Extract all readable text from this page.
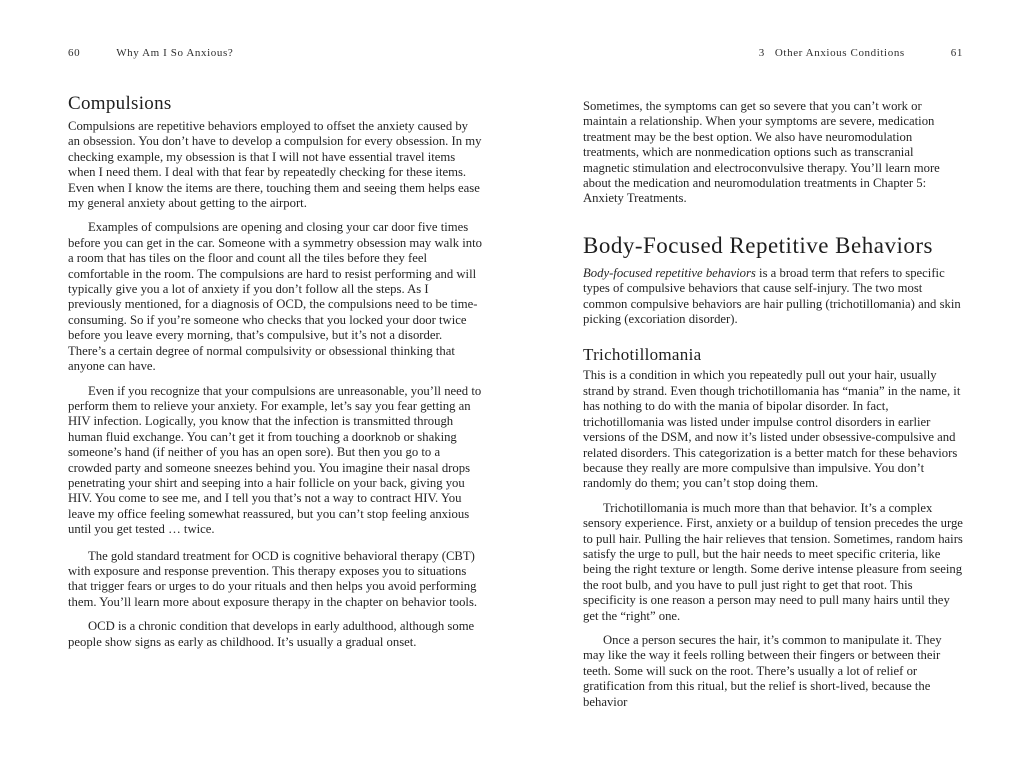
60	Why Am I So Anxious?
Compulsions

Compulsions are repetitive behaviors employed to offset the anxiety caused by an obsession. You don’t have to develop a compulsion for every obsession. In my checking example, my obsession is that I will not have essential travel items when I need them. I deal with that fear by repeatedly checking for these items. Even when I know the items are there, touching them and seeing them helps ease my general anxiety about getting to the airport.

Examples of compulsions are opening and closing your car door five times before you can get in the car. Someone with a symmetry obsession may walk into a room that has tiles on the floor and count all the tiles before they feel comfortable in the room. The compulsions are hard to resist performing and will typically give you a lot of anxiety if you don’t follow all the steps. As I previously mentioned, for a diagnosis of OCD, the compulsions need to be time-consuming. So if you’re someone who checks that you locked your door twice before you leave every morning, that’s compulsive, but it’s not a disorder. There’s a certain degree of normal compulsivity or obsessional thinking that anyone can have.

Even if you recognize that your compulsions are unreasonable, you’ll need to perform them to relieve your anxiety. For example, let’s say you fear getting an HIV infection. Logically, you know that the infection is transmitted through human fluid exchange. You can’t get it from touching a doorknob or shaking someone’s hand (if neither of you has an open sore). But then you go to a crowded party and someone sneezes behind you. You imagine their nasal drops penetrating your shirt and seeping into a hair follicle on your back, giving you HIV. You come to see me, and I tell you that’s not a way to contract HIV. You leave my office feeling somewhat reassured, but you can’t stop feeling anxious until you get tested … twice.

The gold standard treatment for OCD is cognitive behavioral therapy (CBT) with exposure and response prevention. This therapy exposes you to situations that trigger fears or urges to do your rituals and then helps you avoid performing them. You’ll learn more about exposure therapy in the chapter on behavior tools.

OCD is a chronic condition that develops in early adulthood, although some people show signs as early as childhood. It’s usually a gradual onset.

3 Other Anxious Conditions	61

Sometimes, the symptoms can get so severe that you can’t work or maintain a relationship. When your symptoms are severe, medication treatment may be the best option. We also have neuromodulation treatments, which are nonmedication options such as transcranial magnetic stimulation and electroconvulsive therapy. You’ll learn more about the medication and neuromodulation treatments in Chapter 5: Anxiety Treatments.

Body-Focused Repetitive Behaviors

Body-focused repetitive behaviors is a broad term that refers to specific types of compulsive behaviors that cause self-injury. The two most common compulsive behaviors are hair pulling (trichotillomania) and skin picking (excoriation disorder).

Trichotillomania

This is a condition in which you repeatedly pull out your hair, usually strand by strand. Even though trichotillomania has “mania” in the name, it has nothing to do with the mania of bipolar disorder. In fact, trichotillomania was listed under impulse control disorders in earlier versions of the DSM, and now it’s listed under obsessive-compulsive and related disorders. This categorization is a better match for these behaviors because they really are more compulsive than impulsive. You don’t randomly do them; you can’t stop doing them.

Trichotillomania is much more than that behavior. It’s a complex sensory experience. First, anxiety or a buildup of tension precedes the urge to pull hair. Pulling the hair relieves that tension. Sometimes, random hairs satisfy the urge to pull, but the hair needs to meet specific criteria, like being the right texture or length. Some derive intense pleasure from seeing the root bulb, and you have to pull just right to get that root. This specificity is one reason a person may need to pull many hairs until they get the “right” one.

Once a person secures the hair, it’s common to manipulate it. They may like the way it feels rolling between their fingers or between their teeth. Some will suck on the root. There’s usually a lot of relief or gratification from this ritual, but the relief is short-lived, because the behavior
